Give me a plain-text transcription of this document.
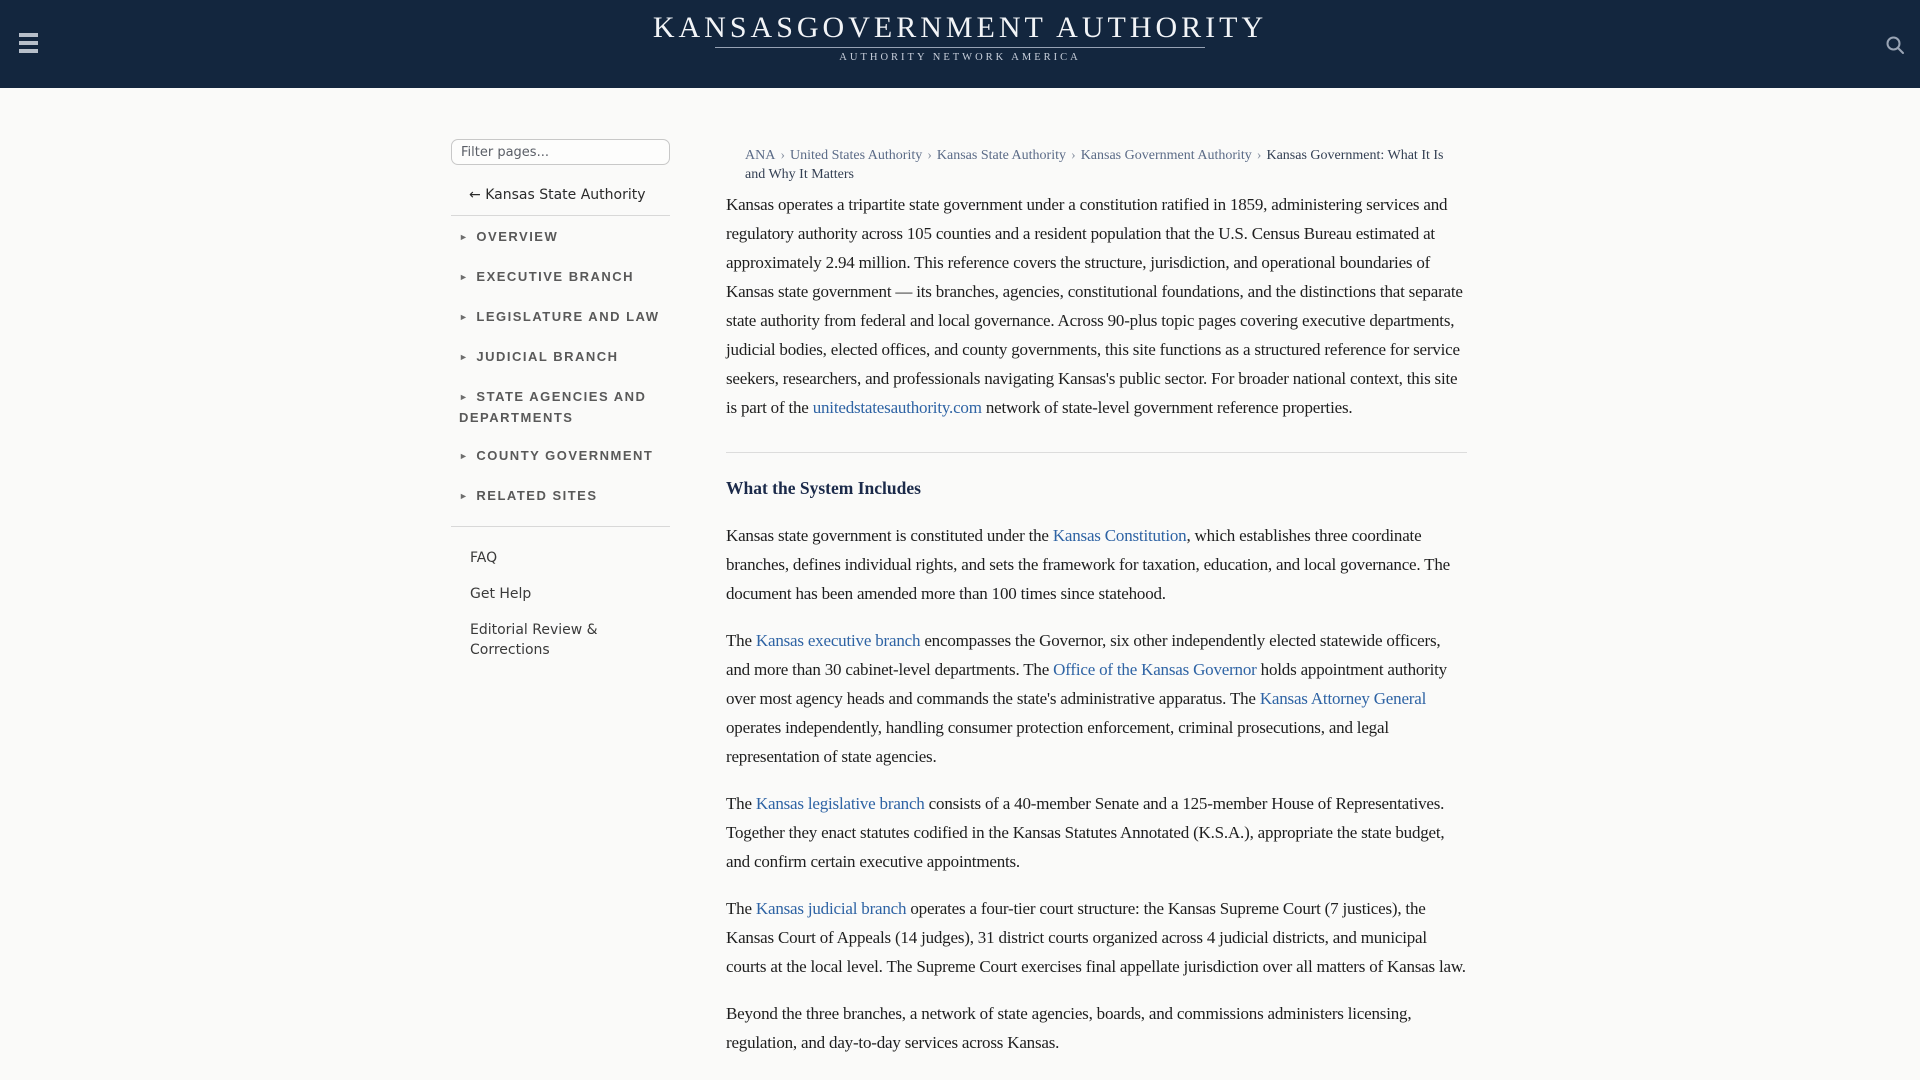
KANSASGOVERNMENT AUTHORITY
AUTHORITY NETWORK AMERICA
Filter pages...
← Kansas State Authority
► OVERVIEW
► EXECUTIVE BRANCH
► LEGISLATURE AND LAW
► JUDICIAL BRANCH
► STATE AGENCIES AND DEPARTMENTS
► COUNTY GOVERNMENT
► RELATED SITES
FAQ
Get Help
Editorial Review & Corrections
ANA › United States Authority › Kansas State Authority › Kansas Government Authority › Kansas Government: What It Is and Why It Matters

Kansas operates a tripartite state government under a constitution ratified in 1859, administering services and regulatory authority across 105 counties and a resident population that the U.S. Census Bureau estimated at approximately 2.94 million. This reference covers the structure, jurisdiction, and operational boundaries of Kansas state government — its branches, agencies, constitutional foundations, and the distinctions that separate state authority from federal and local governance. Across 90-plus topic pages covering executive departments, judicial bodies, elected offices, and county governments, this site functions as a structured reference for service seekers, researchers, and professionals navigating Kansas's public sector. For broader national context, this site is part of the unitedstatesauthority.com network of state-level government reference properties.

What the System Includes

Kansas state government is constituted under the Kansas Constitution, which establishes three coordinate branches, defines individual rights, and sets the framework for taxation, education, and local governance. The document has been amended more than 100 times since statehood.

The Kansas executive branch encompasses the Governor, six other independently elected statewide officers, and more than 30 cabinet-level departments. The Office of the Kansas Governor holds appointment authority over most agency heads and commands the state's administrative apparatus. The Kansas Attorney General operates independently, handling consumer protection enforcement, criminal prosecutions, and legal representation of state agencies.

The Kansas legislative branch consists of a 40-member Senate and a 125-member House of Representatives. Together they enact statutes codified in the Kansas Statutes Annotated (K.S.A.), appropriate the state budget, and confirm certain executive appointments.

The Kansas judicial branch operates a four-tier court structure: the Kansas Supreme Court (7 justices), the Kansas Court of Appeals (14 judges), 31 district courts organized across 4 judicial districts, and municipal courts at the local level. The Supreme Court exercises final appellate jurisdiction over all matters of Kansas law.

Beyond the three branches, a network of state agencies, boards, and commissions administers licensing, regulation, and day-to-day services across Kansas.
